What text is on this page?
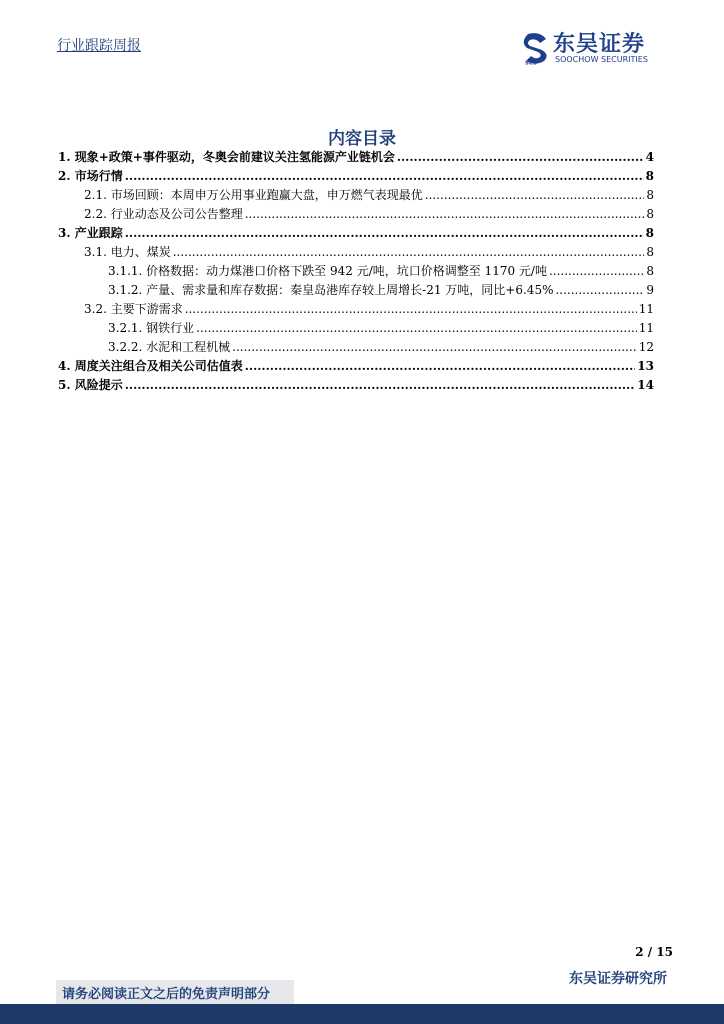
行业跟踪周报
SCS
东吴证券
SOOCHOW SECURITIES
内容目录
1. 现象+政策+事件驱动，冬奥会前建议关注氢能源产业链机会 .....	4
2. 市场行情 .....	8
2.1. 市场回顾：本周申万公用事业跑赢大盘，申万燃气表现最优 .....	8
2.2. 行业动态及公司公告整理 .....	8
3. 产业跟踪 .....	8
3.1. 电力、煤炭 .....	8
3.1.1. 价格数据：动力煤港口价格下跌至 942 元/吨，坑口价格调整至 1170 元/吨 .....	8
3.1.2. 产量、需求量和库存数据：秦皇岛港库存较上周增长-21 万吨，同比+6.45% .....	9
3.2. 主要下游需求 .....	11
3.2.1. 钢铁行业 .....	11
3.2.2. 水泥和工程机械 .....	12
4. 周度关注组合及相关公司估值表 .....	13
5. 风险提示 .....	14
2 / 15
东吴证券研究所
请务必阅读正文之后的免责声明部分
